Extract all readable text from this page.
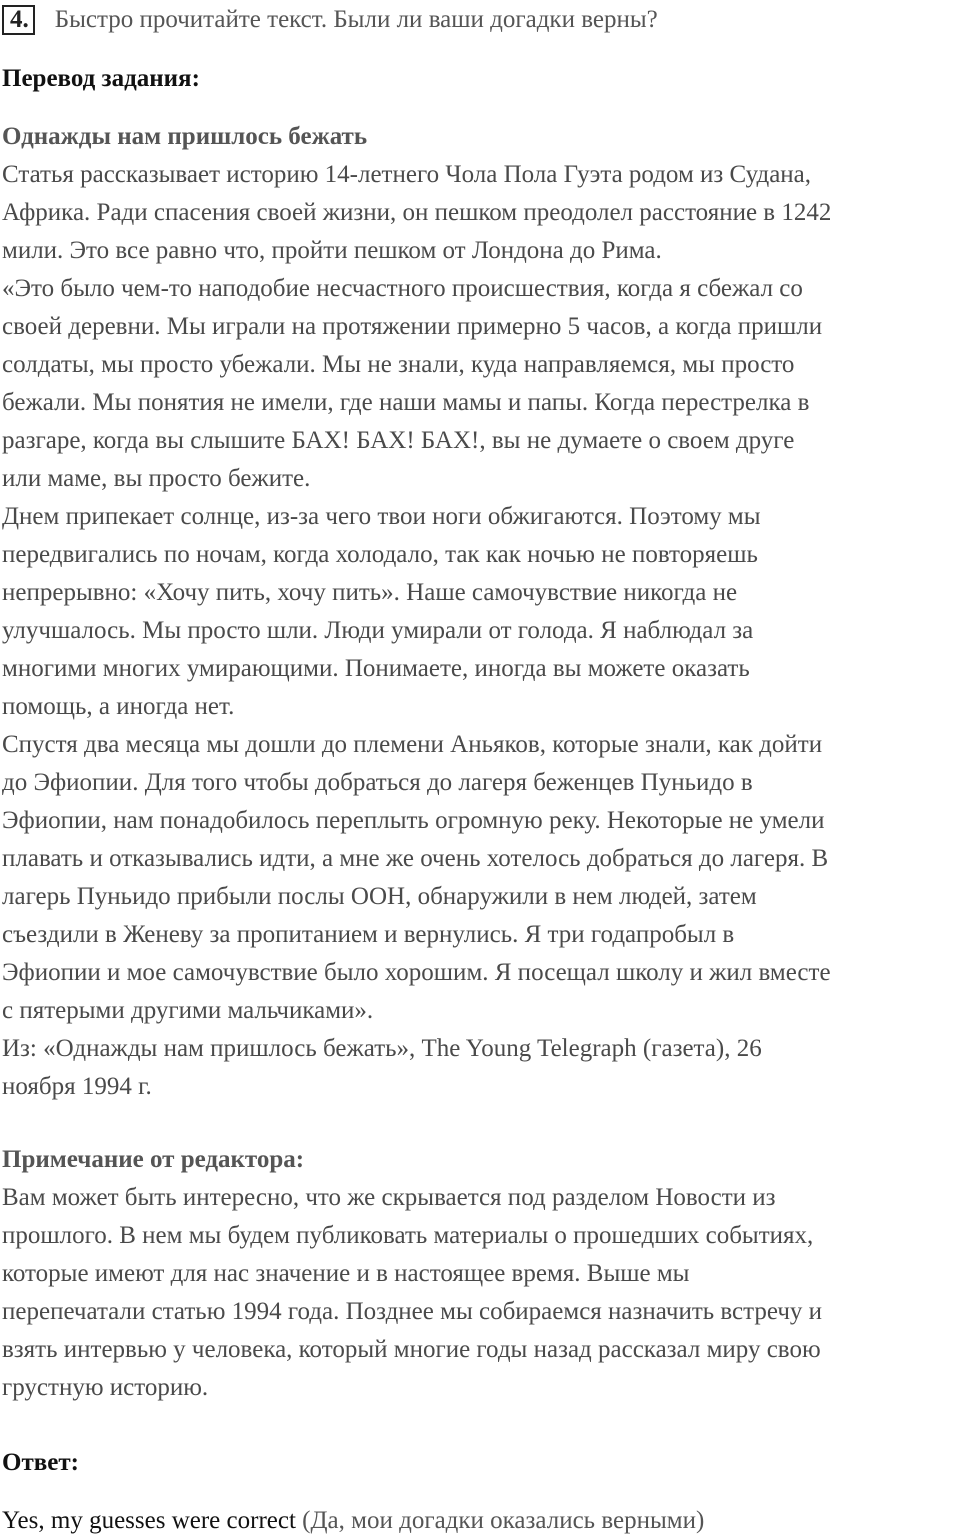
4. Быстро прочитайте текст. Были ли ваши догадки верны?
Перевод задания:
Однажды нам пришлось бежать
Статья рассказывает историю 14-летнего Чола Пола Гуэта родом из Судана,
Африка. Ради спасения своей жизни, он пешком преодолел расстояние в 1242
мили. Это все равно что, пройти пешком от Лондона до Рима.
«Это было чем-то наподобие несчастного происшествия, когда я сбежал со
своей деревни. Мы играли на протяжении примерно 5 часов, а когда пришли
солдаты, мы просто убежали. Мы не знали, куда направляемся, мы просто
бежали. Мы понятия не имели, где наши мамы и папы. Когда перестрелка в
разгаре, когда вы слышите БАХ! БАХ! БАХ!, вы не думаете о своем друге
или маме, вы просто бежите.
Днем припекает солнце, из-за чего твои ноги обжигаются. Поэтому мы
передвигались по ночам, когда холодало, так как ночью не повторяешь
непрерывно: «Хочу пить, хочу пить». Наше самочувствие никогда не
улучшалось. Мы просто шли. Люди умирали от голода. Я наблюдал за
многими многих умирающими. Понимаете, иногда вы можете оказать
помощь, а иногда нет.
Спустя два месяца мы дошли до племени Аньяков, которые знали, как дойти
до Эфиопии. Для того чтобы добраться до лагеря беженцев Пуньидо в
Эфиопии, нам понадобилось переплыть огромную реку. Некоторые не умели
плавать и отказывались идти, а мне же очень хотелось добраться до лагеря. В
лагерь Пуньидо прибыли послы ООН, обнаружили в нем людей, затем
съездили в Женеву за пропитанием и вернулись. Я три годапробыл в
Эфиопии и мое самочувствие было хорошим. Я посещал школу и жил вместе
с пятерыми другими мальчиками».
Из: «Однажды нам пришлось бежать», The Young Telegraph (газета), 26
ноября 1994 г.
Примечание от редактора:
Вам может быть интересно, что же скрывается под разделом Новости из
прошлого. В нем мы будем публиковать материалы о прошедших событиях,
которые имеют для нас значение и в настоящее время. Выше мы
перепечатали статью 1994 года. Позднее мы собираемся назначить встречу и
взять интервью у человека, который многие годы назад рассказал миру свою
грустную историю.
Ответ:
Yes, my guesses were correct (Да, мои догадки оказались верными)
